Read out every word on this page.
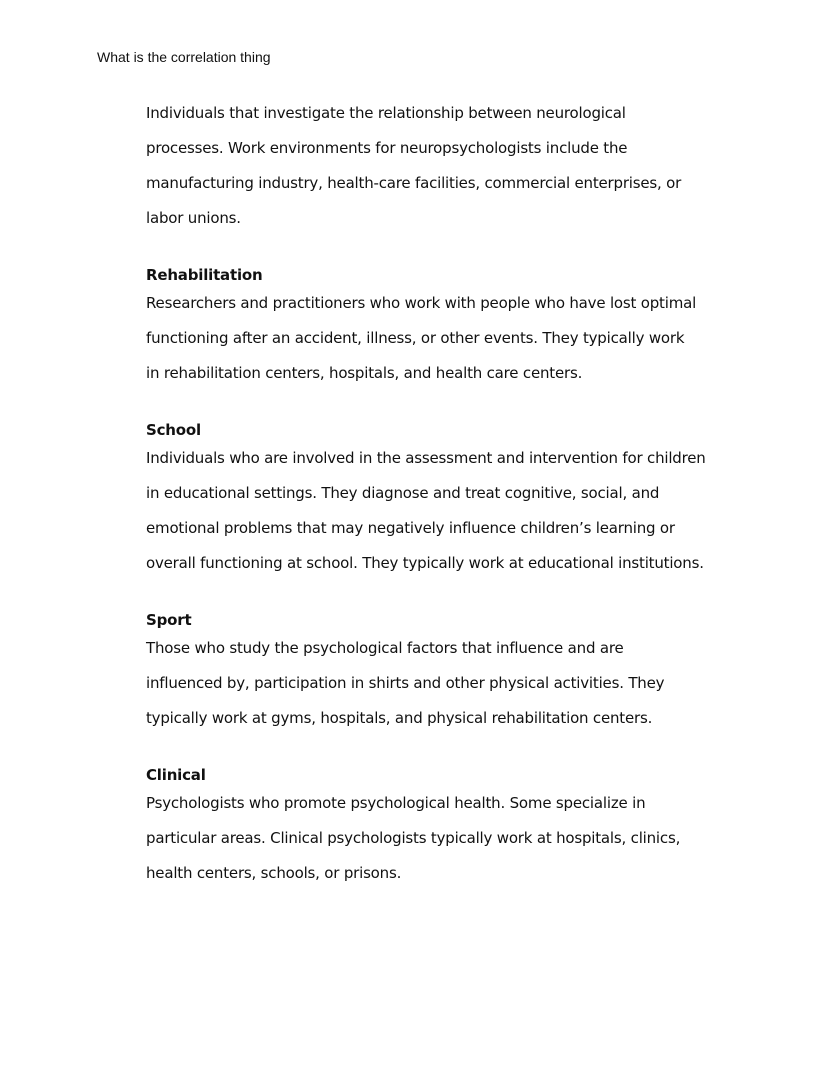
What is the correlation thing

Individuals that investigate the relationship between neurological
processes. Work environments for neuropsychologists include the
manufacturing industry, health-care facilities, commercial enterprises, or
labor unions.

Rehabilitation

Researchers and practitioners who work with people who have lost optimal
functioning after an accident, illness, or other events. They typically work
in rehabilitation centers, hospitals, and health care centers.

School

Individuals who are involved in the assessment and intervention for children
in educational settings. They diagnose and treat cognitive, social, and
emotional problems that may negatively influence children’s learning or
overall functioning at school. They typically work at educational institutions.

Sport

Those who study the psychological factors that influence and are
influenced by, participation in shirts and other physical activities. They
typically work at gyms, hospitals, and physical rehabilitation centers.

Clinical

Psychologists who promote psychological health. Some specialize in
particular areas. Clinical psychologists typically work at hospitals, clinics,
health centers, schools, or prisons.
